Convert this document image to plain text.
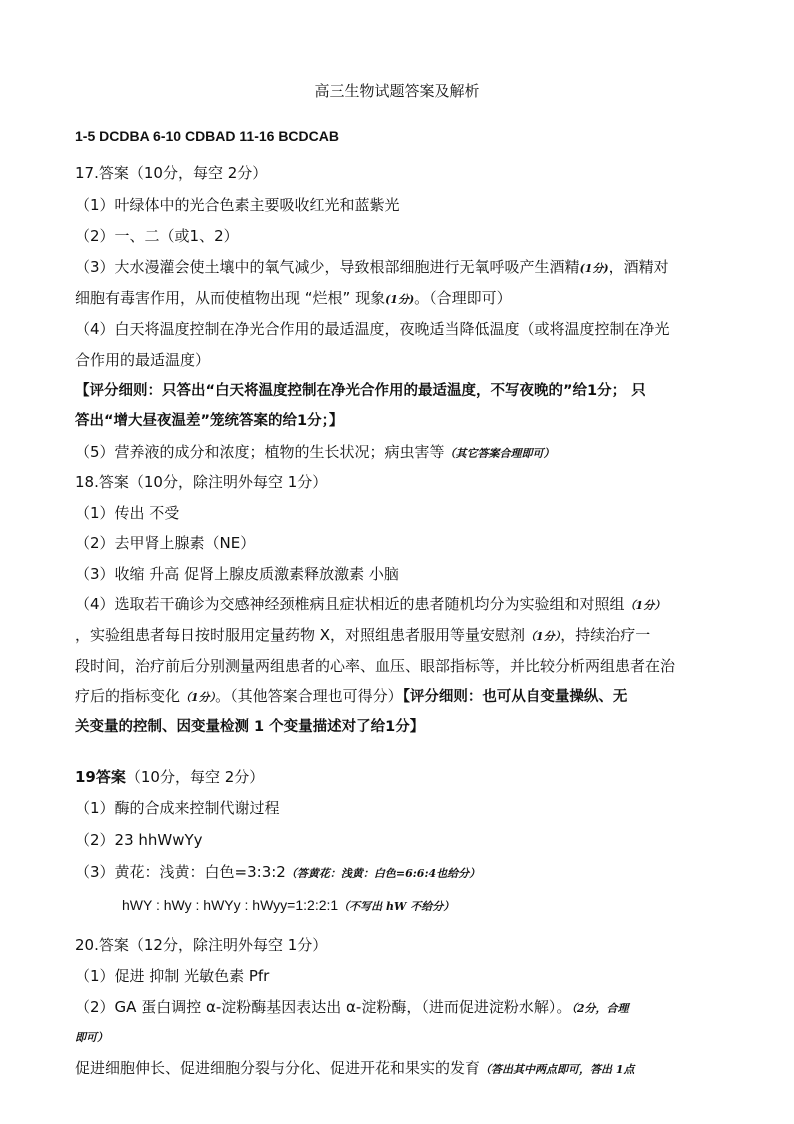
高三生物试题答案及解析
1-5 DCDBA 6-10 CDBAD 11-16 BCDCAB
17.答案（10分，每空 2分）
（1）叶绿体中的光合色素主要吸收红光和蓝紫光
（2）一、二（或1、2）
（3）大水漫灌会使土壤中的氧气减少，导致根部细胞进行无氧呼吸产生酒精(1分)，酒精对
细胞有毒害作用，从而使植物出现 “烂根” 现象(1分)。（合理即可）
（4）白天将温度控制在净光合作用的最适温度，夜晚适当降低温度（或将温度控制在净光
合作用的最适温度）
【评分细则：只答出“白天将温度控制在净光合作用的最适温度，不写夜晚的”给1分； 只
答出“增大昼夜温差”笼统答案的给1分；】
（5）营养液的成分和浓度；植物的生长状况；病虫害等（其它答案合理即可）
18.答案（10分，除注明外每空 1分）
（1）传出 不受
（2）去甲肾上腺素（NE）
（3）收缩 升高 促肾上腺皮质激素释放激素 小脑
（4）选取若干确诊为交感神经颈椎病且症状相近的患者随机均分为实验组和对照组（1分）
，实验组患者每日按时服用定量药物 X，对照组患者服用等量安慰剂（1分），持续治疗一
段时间，治疗前后分别测量两组患者的心率、血压、眼部指标等，并比较分析两组患者在治
疗后的指标变化（1分）。（其他答案合理也可得分）【评分细则：也可从自变量操纵、无
关变量的控制、因变量检测 1 个变量描述对了给1分】
19答案（10分，每空 2分）
（1）酶的合成来控制代谢过程
（2）23 hhWwYy
（3）黄花：浅黄：白色=3:3:2（答黄花：浅黄：白色=6:6:4也给分）
hWY : hWy : hWYy : hWyy=1:2:2:1（不写出 hW 不给分）
20.答案（12分，除注明外每空 1分）
（1）促进 抑制 光敏色素 Pfr
（2）GA 蛋白调控 α-淀粉酶基因表达出 α-淀粉酶，（进而促进淀粉水解）。（2分，合理
即可）
促进细胞伸长、促进细胞分裂与分化、促进开花和果实的发育（答出其中两点即可，答出 1点
